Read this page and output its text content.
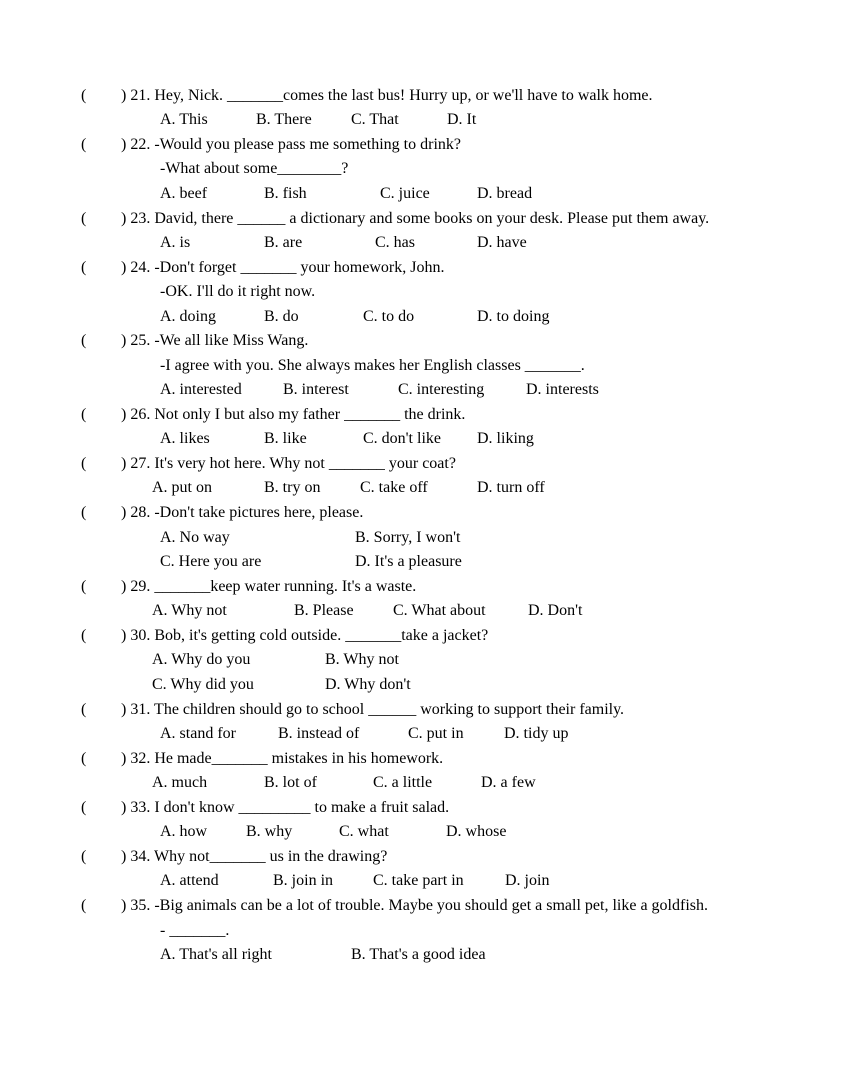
(

) 21. Hey, Nick. _______comes the last bus! Hurry up, or we'll have to walk home.

A. This

	B. There

C. That

	D. It

(

) 22. -Would you please pass me something to drink?

-What about some________?

A. beef

	B. fish

	C. juice

	D. bread

(

) 23. David, there ______ a dictionary and some books on your desk. Please put them away.

A. is

	B. are

	C. has

	D. have

(

) 24. -Don't forget _______ your homework, John.

-OK. I'll do it right now.

A. doing

	B. do

	C. to do

	D. to doing

(

) 25. -We all like Miss Wang.

-I agree with you. She always makes her English classes _______.

A. interested

	B. interest

	C. interesting

	D. interests

(

) 26. Not only I but also my father _______ the drink.

A. likes

	B. like

	C. don't like

D. liking

(

) 27. It's very hot here. Why not _______ your coat?

A. put on

	B. try on

C. take off

	D. turn off

(

) 28. -Don't take pictures here, please.

A. No way

	B. Sorry, I won't

C. Here you are

	D. It's a pleasure

(

) 29. _______keep water running. It's a waste.

A. Why not

	B. Please

C. What about

	D. Don't

(

) 30. Bob, it's getting cold outside. _______take a jacket?

A. Why do you

	B. Why not

C. Why did you

	D. Why don't

(

) 31. The children should go to school ______ working to support their family.

A. stand for

	B. instead of

	C. put in

	D. tidy up

(

) 32. He made_______ mistakes in his homework.

A. much

	B. lot of

	C. a little

	D. a few

(

) 33. I don't know _________ to make a fruit salad.

A. how

B. why

	C. what

	D. whose

(

) 34. Why not_______ us in the drawing?

A. attend

	B. join in

C. take part in

	D. join

(

) 35. -Big animals can be a lot of trouble. Maybe you should get a small pet, like a goldfish.

- _______.

A. That's all right

	B. That's a good idea
